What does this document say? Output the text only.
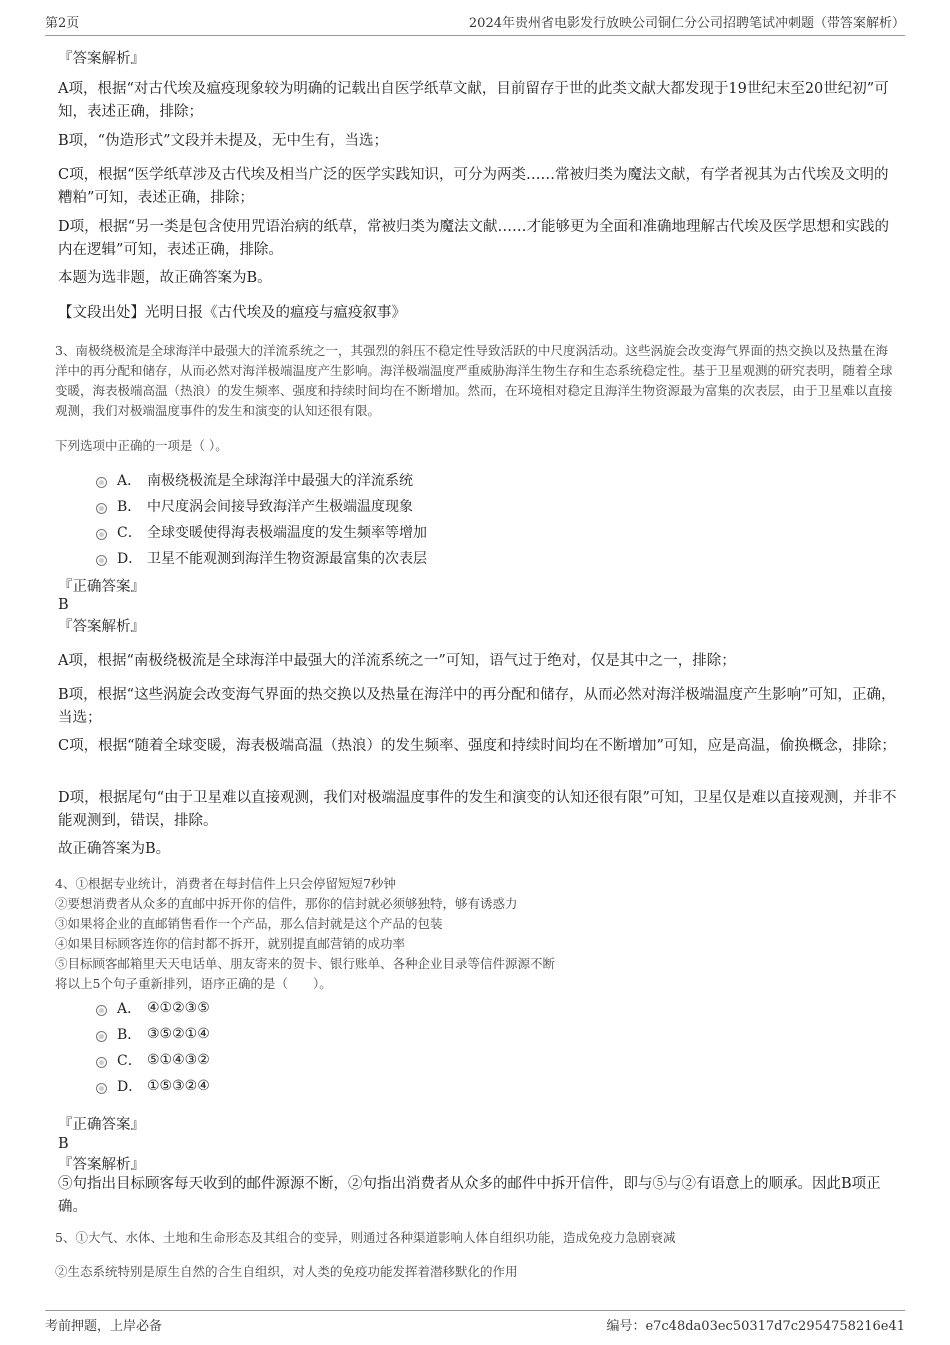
第2页	2024年贵州省电影发行放映公司铜仁分公司招聘笔试冲刺题（带答案解析）
『答案解析』
A项，根据“对古代埃及瘟疫现象较为明确的记载出自医学纸草文献，目前留存于世的此类文献大都发现于19世纪末至20世纪初”可知，表述正确，排除；
B项，“伪造形式”文段并未提及，无中生有，当选；
C项，根据“医学纸草涉及古代埃及相当广泛的医学实践知识，可分为两类……常被归类为魔法文献，有学者视其为古代埃及文明的糟粕”可知，表述正确，排除；
D项，根据“另一类是包含使用咒语治病的纸草，常被归类为魔法文献……才能够更为全面和准确地理解古代埃及医学思想和实践的内在逻辑”可知，表述正确，排除。
本题为选非题，故正确答案为B。
【文段出处】光明日报《古代埃及的瘟疫与瘟疫叙事》
3、南极绕极流是全球海洋中最强大的洋流系统之一，其强烈的斜压不稳定性导致活跃的中尺度涡活动。这些涡旋会改变海气界面的热交换以及热量在海洋中的再分配和储存，从而必然对海洋极端温度产生影响。海洋极端温度严重威胁海洋生物生存和生态系统稳定性。基于卫星观测的研究表明，随着全球变暖，海表极端高温（热浪）的发生频率、强度和持续时间均在不断增加。然而，在环境相对稳定且海洋生物资源最为富集的次表层，由于卫星难以直接观测，我们对极端温度事件的发生和演变的认知还很有限。
下列选项中正确的一项是（ ）。
A． 南极绕极流是全球海洋中最强大的洋流系统
B． 中尺度涡会间接导致海洋产生极端温度现象
C． 全球变暖使得海表极端温度的发生频率等增加
D． 卫星不能观测到海洋生物资源最富集的次表层
『正确答案』
B
『答案解析』
A项，根据“南极绕极流是全球海洋中最强大的洋流系统之一”可知，语气过于绝对，仅是其中之一，排除；
B项，根据“这些涡旋会改变海气界面的热交换以及热量在海洋中的再分配和储存，从而必然对海洋极端温度产生影响”可知，正确，当选；
C项，根据“随着全球变暖，海表极端高温（热浪）的发生频率、强度和持续时间均在不断增加”可知，应是高温，偷换概念，排除；
D项，根据尾句“由于卫星难以直接观测，我们对极端温度事件的发生和演变的认知还很有限”可知，卫星仅是难以直接观测，并非不能观测到，错误，排除。
故正确答案为B。
4、①根据专业统计，消费者在每封信件上只会停留短短7秒钟
②要想消费者从众多的直邮中拆开你的信件，那你的信封就必须够独特，够有诱惑力
③如果将企业的直邮销售看作一个产品，那么信封就是这个产品的包装
④如果目标顾客连你的信封都不拆开，就别提直邮营销的成功率
⑤目标顾客邮箱里天天电话单、朋友寄来的贺卡、银行账单、各种企业目录等信件源源不断
将以上5个句子重新排列，语序正确的是（　　）。
A． ④①②③⑤
B． ③⑤②①④
C． ⑤①④③②
D． ①⑤③②④
『正确答案』
B
『答案解析』
⑤句指出目标顾客每天收到的邮件源源不断，②句指出消费者从众多的邮件中拆开信件，即与⑤与②有语意上的顺承。因此B项正确。
5、①大气、水体、土地和生命形态及其组合的变异，则通过各种渠道影响人体自组织功能，造成免疫力急剧衰减
②生态系统特别是原生自然的合生自组织，对人类的免疫功能发挥着潜移默化的作用
考前押题，上岸必备	编号：e7c48da03ec50317d7c2954758216e41
